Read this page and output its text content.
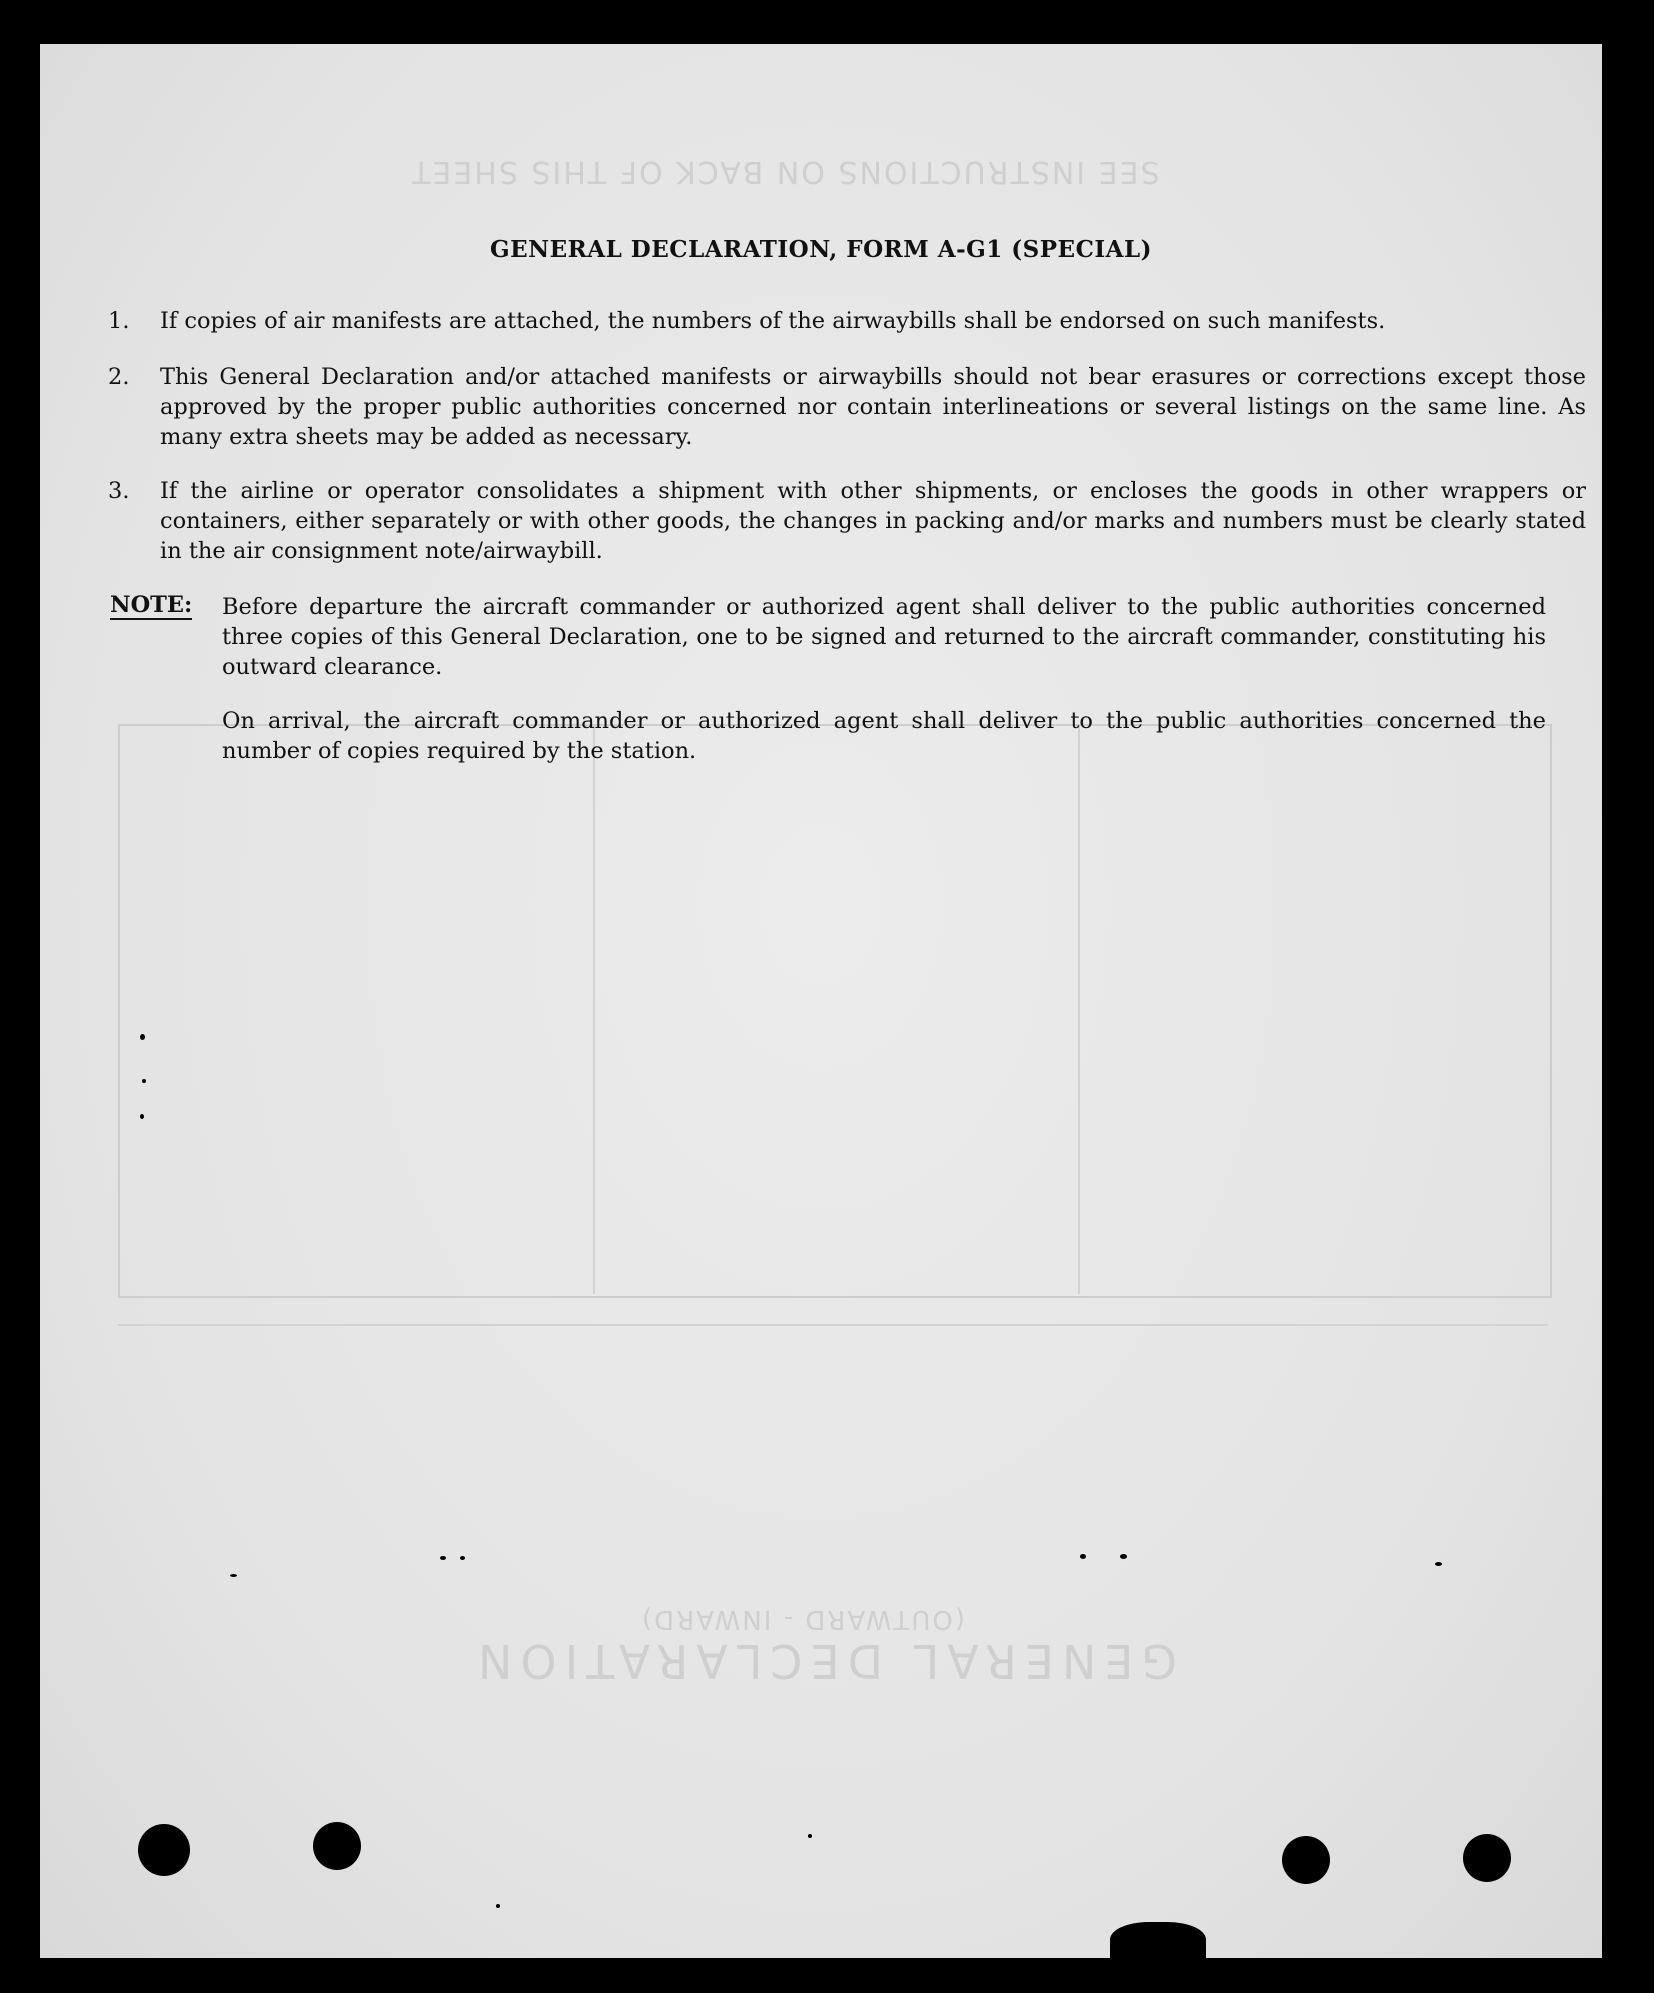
SEE INSTRUCTIONS ON BACK OF THIS SHEET
GENERAL DECLARATION
(OUTWARD - INWARD)
GENERAL DECLARATION, FORM A-G1 (SPECIAL)
1. If copies of air manifests are attached, the numbers of the airwaybills shall be endorsed on such manifests.
2. This General Declaration and/or attached manifests or airwaybills should not bear erasures or corrections except those approved by the proper public authorities concerned nor contain interlineations or several listings on the same line. As many extra sheets may be added as necessary.
3. If the airline or operator consolidates a shipment with other shipments, or encloses the goods in other wrappers or containers, either separately or with other goods, the changes in packing and/or marks and numbers must be clearly stated in the air consignment note/airwaybill.
NOTE: Before departure the aircraft commander or authorized agent shall deliver to the public authorities concerned three copies of this General Declaration, one to be signed and returned to the aircraft commander, constituting his outward clearance.
On arrival, the aircraft commander or authorized agent shall deliver to the public authorities concerned the number of copies required by the station.
